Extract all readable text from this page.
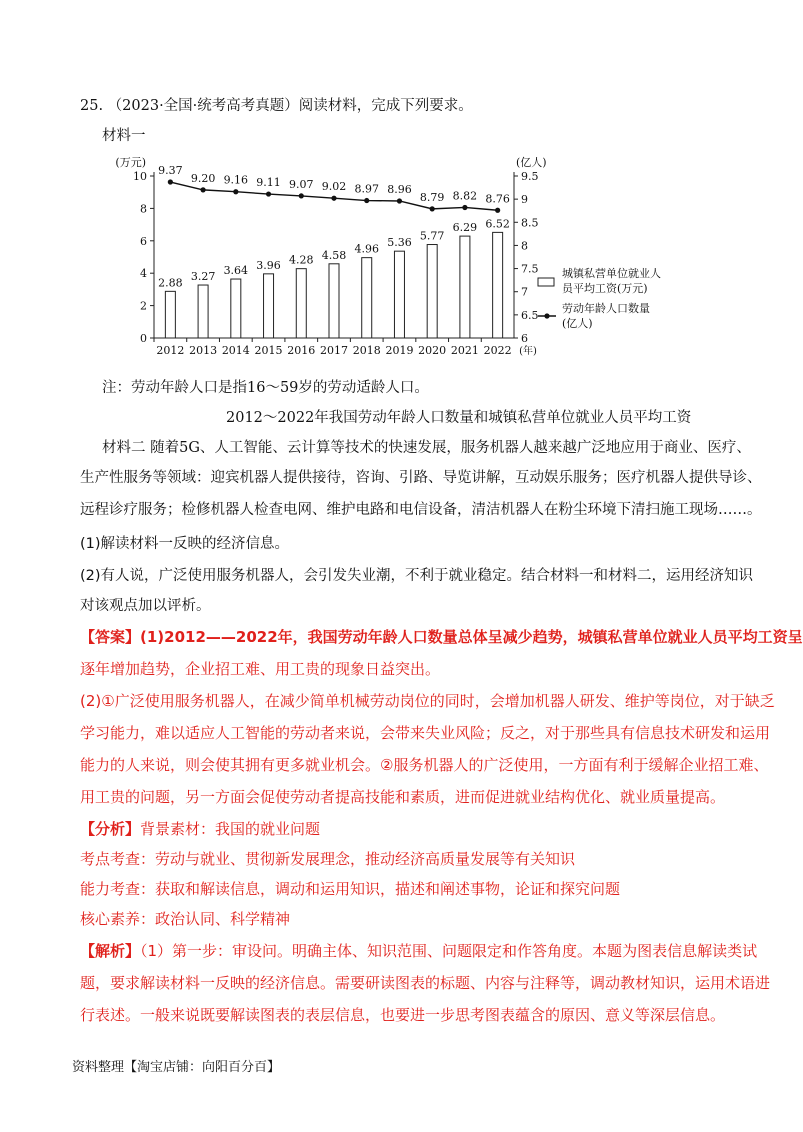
25. （2023·全国·统考高考真题）阅读材料，完成下列要求。
材料一
0
2
4
6
8
10
(万元)
6
6.5
7
7.5
8
8.5
9
9.5
(亿人)
2012 2013 2014 2015 2016 2017 2018 2019 2020 2021 2022 (年)
2.88 3.27 3.64 3.96 4.28 4.58 4.96 5.36
5.77
6.29 6.52
9.37
9.20 9.16 9.11 9.07 9.02 8.97 8.96
8.79 8.82 8.76
城镇私营单位就业人
员平均工资(万元)
劳动年龄人口数量
(亿人)
注：劳动年龄人口是指16～59岁的劳动适龄人口。
2012～2022年我国劳动年龄人口数量和城镇私营单位就业人员平均工资
材料二 随着5G、人工智能、云计算等技术的快速发展，服务机器人越来越广泛地应用于商业、医疗、
生产性服务等领域：迎宾机器人提供接待，咨询、引路、导览讲解，互动娱乐服务；医疗机器人提供导诊、
远程诊疗服务；检修机器人检查电网、维护电路和电信设备，清洁机器人在粉尘环境下清扫施工现场……。
(1)解读材料一反映的经济信息。
(2)有人说，广泛使用服务机器人，会引发失业潮，不利于就业稳定。结合材料一和材料二，运用经济知识
对该观点加以评析。
【答案】(1)2012——2022年，我国劳动年龄人口数量总体呈减少趋势，城镇私营单位就业人员平均工资呈
逐年增加趋势，企业招工难、用工贵的现象日益突出。
(2)①广泛使用服务机器人，在减少简单机械劳动岗位的同时，会增加机器人研发、维护等岗位，对于缺乏
学习能力，难以适应人工智能的劳动者来说，会带来失业风险；反之，对于那些具有信息技术研发和运用
能力的人来说，则会使其拥有更多就业机会。②服务机器人的广泛使用，一方面有利于缓解企业招工难、
用工贵的问题，另一方面会促使劳动者提高技能和素质，进而促进就业结构优化、就业质量提高。
【分析】背景素材：我国的就业问题
考点考查：劳动与就业、贯彻新发展理念，推动经济高质量发展等有关知识
能力考查：获取和解读信息，调动和运用知识，描述和阐述事物，论证和探究问题
核心素养：政治认同、科学精神
【解析】（1）第一步：审设问。明确主体、知识范围、问题限定和作答角度。本题为图表信息解读类试
题，要求解读材料一反映的经济信息。需要研读图表的标题、内容与注释等，调动教材知识，运用术语进
行表述。一般来说既要解读图表的表层信息，也要进一步思考图表蕴含的原因、意义等深层信息。
资料整理【淘宝店铺：向阳百分百】
